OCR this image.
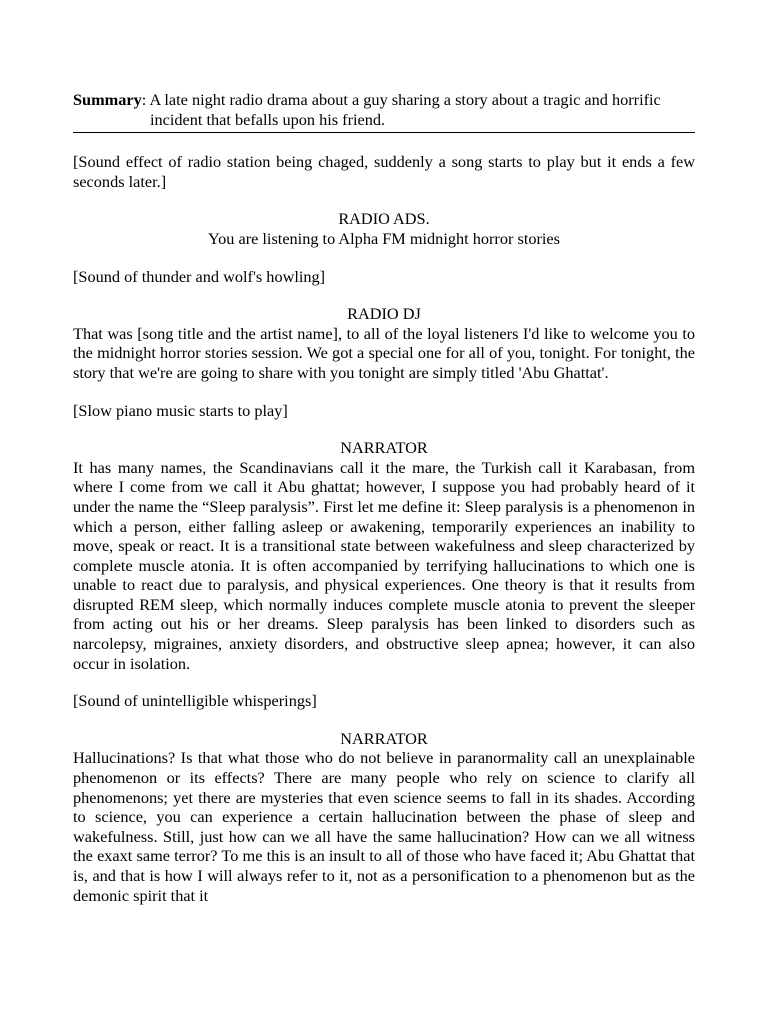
Summary: A late night radio drama about a guy sharing a story about a tragic and horrific incident that befalls upon his friend.

[Sound effect of radio station being chaged, suddenly a song starts to play but it ends a few seconds later.]

RADIO ADS.

You are listening to Alpha FM midnight horror stories

[Sound of thunder and wolf's howling]

RADIO DJ

That was [song title and the artist name], to all of the loyal listeners I'd like to welcome you to the midnight horror stories session. We got a special one for all of you, tonight. For tonight, the story that we're are going to share with you tonight are simply titled 'Abu Ghattat'.

[Slow piano music starts to play]

NARRATOR

It has many names, the Scandinavians call it the mare, the Turkish call it Karabasan, from where I come from we call it Abu ghattat; however, I suppose you had probably heard of it under the name the “Sleep paralysis”. First let me define it: Sleep paralysis is a phenomenon in which a person, either falling asleep or awakening, temporarily experiences an inability to move, speak or react. It is a transitional state between wakefulness and sleep characterized by complete muscle atonia. It is often accompanied by terrifying hallucinations to which one is unable to react due to paralysis, and physical experiences. One theory is that it results from disrupted REM sleep, which normally induces complete muscle atonia to prevent the sleeper from acting out his or her dreams. Sleep paralysis has been linked to disorders such as narcolepsy, migraines, anxiety disorders, and obstructive sleep apnea; however, it can also occur in isolation.

[Sound of unintelligible whisperings]

NARRATOR

Hallucinations? Is that what those who do not believe in paranormality call an unexplainable phenomenon or its effects? There are many people who rely on science to clarify all phenomenons; yet there are mysteries that even science seems to fall in its shades. According to science, you can experience a certain hallucination between the phase of sleep and wakefulness. Still, just how can we all have the same hallucination? How can we all witness the exaxt same terror? To me this is an insult to all of those who have faced it; Abu Ghattat that is, and that is how I will always refer to it, not as a personification to a phenomenon but as the demonic spirit that it
